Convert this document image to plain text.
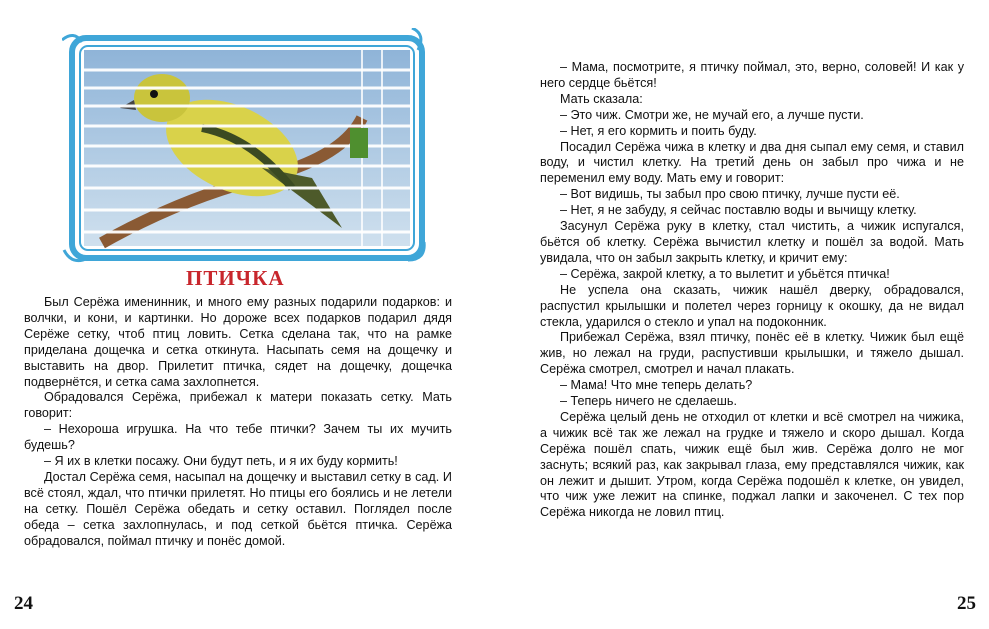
ПТИЧКА

Был Серёжа именинник, и много ему разных подарили подарков: и волчки, и кони, и картинки. Но дороже всех подарков подарил дядя Серёже сетку, чтоб птиц ловить. Сетка сделана так, что на рамке приделана дощечка и сетка откинута. Насыпать семя на дощечку и выставить на двор. Прилетит птичка, сядет на дощечку, дощечка подвернётся, и сетка сама захлопнется.

Обрадовался Серёжа, прибежал к матери показать сетку. Мать говорит:

– Нехороша игрушка. На что тебе птички? Зачем ты их мучить будешь?

– Я их в клетки посажу. Они будут петь, и я их буду кормить!

Достал Серёжа семя, насыпал на дощечку и выставил сетку в сад. И всё стоял, ждал, что птички прилетят. Но птицы его боялись и не летели на сетку. Пошёл Серёжа обедать и сетку оставил. Поглядел после обеда – сетка захлопнулась, и под сеткой бьётся птичка. Серёжа обрадовался, поймал птичку и понёс домой.

24

– Мама, посмотрите, я птичку поймал, это, верно, соловей! И как у него сердце бьётся!

Мать сказала:

– Это чиж. Смотри же, не мучай его, а лучше пусти.

– Нет, я его кормить и поить буду.

Посадил Серёжа чижа в клетку и два дня сыпал ему семя, и ставил воду, и чистил клетку. На третий день он забыл про чижа и не переменил ему воду. Мать ему и говорит:

– Вот видишь, ты забыл про свою птичку, лучше пусти её.

– Нет, я не забуду, я сейчас поставлю воды и вычищу клетку.

Засунул Серёжа руку в клетку, стал чистить, а чижик испугался, бьётся об клетку. Серёжа вычистил клетку и пошёл за водой. Мать увидала, что он забыл закрыть клетку, и кричит ему:

– Серёжа, закрой клетку, а то вылетит и убьётся птичка!

Не успела она сказать, чижик нашёл дверку, обрадовался, распустил крылышки и полетел через горницу к окошку, да не видал стекла, ударился о стекло и упал на подоконник.

Прибежал Серёжа, взял птичку, понёс её в клетку. Чижик был ещё жив, но лежал на груди, распустивши крылышки, и тяжело дышал. Серёжа смотрел, смотрел и начал плакать.

– Мама! Что мне теперь делать?

– Теперь ничего не сделаешь.

Серёжа целый день не отходил от клетки и всё смотрел на чижика, а чижик всё так же лежал на грудке и тяжело и скоро дышал. Когда Серёжа пошёл спать, чижик ещё был жив. Серёжа долго не мог заснуть; всякий раз, как закрывал глаза, ему представлялся чижик, как он лежит и дышит. Утром, когда Серёжа подошёл к клетке, он увидел, что чиж уже лежит на спинке, поджал лапки и закоченел. С тех пор Серёжа никогда не ловил птиц.

25
